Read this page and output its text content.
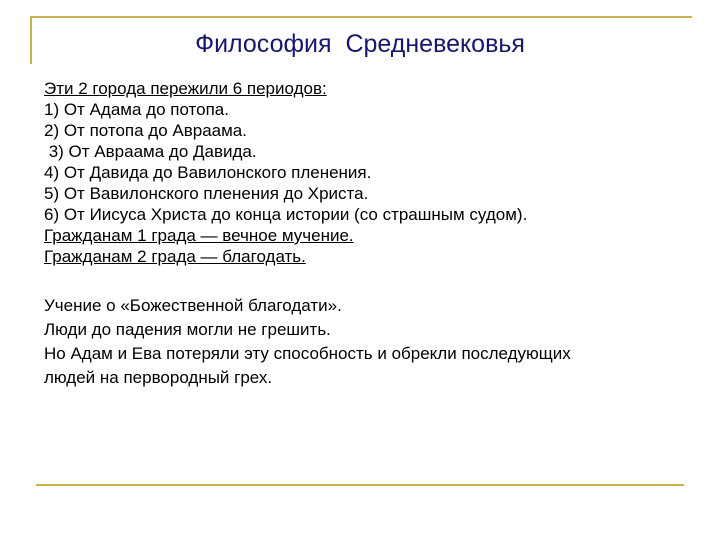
Философия  Средневековья
Эти 2 города пережили 6 периодов:
1) От Адама до потопа.
2) От потопа до Авраама.
3) От Авраама до Давида.
4) От Давида до Вавилонского пленения.
5) От Вавилонского пленения до Христа.
6) От Иисуса Христа до конца истории (со страшным судом).
Гражданам 1 града — вечное мучение.
Гражданам 2 града — благодать.
Учение о «Божественной благодати».
Люди до падения могли не грешить.
Но Адам и Ева потеряли эту способность и обрекли последующих
людей на первородный грех.
